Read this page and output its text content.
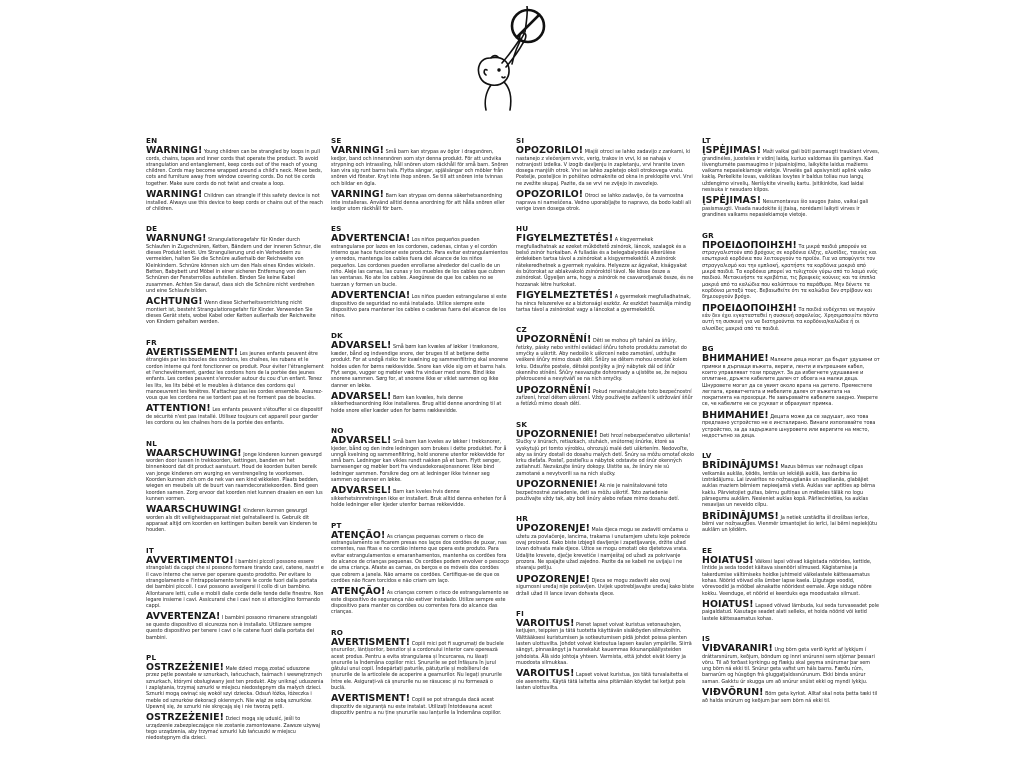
EN

WARNING! Young children can be strangled by loops in pull cords, chains, tapes and inner cords that operate the product. To avoid strangulation and entanglement, keep cords out of the reach of young children. Cords may become wrapped around a child's neck. Move beds, cots and furniture away from window covering cords. Do not tie cords together. Make sure cords do not twist and create a loop.

WARNING! Children can strangle if this safety device is not installed. Always use this device to keep cords or chains out of the reach of children.

DE

WARNUNG! Strangulationsgefahr für Kinder durch Schlaufen in Zugschnüren, Ketten, Bändern und der inneren Schnur, die dieses Produkt lenkt. Um Strangulierung und ein Verheddern zu vermeiden, halten Sie die Schnüre außerhalb der Reichweite von Kleinkindern. Schnüre können sich um den Hals eines Kindes wickeln. Betten, Babybett und Möbel in einer sicheren Entfernung von den Schnüren der Fensterrollos aufstellen. Binden Sie keine Kabel zusammen. Achten Sie darauf, dass sich die Schnüre nicht verdrehen und eine Schlaufe bilden.

ACHTUNG! Wenn diese Sicherheitsvorrichtung nicht montiert ist, besteht Strangulationsgefahr für Kinder. Verwenden Sie dieses Gerät stets, wobei Kabel oder Ketten außerhalb der Reichweite von Kindern gehalten werden.

FR

AVERTISSEMENT! Les jeunes enfants peuvent être étranglés par les boucles des cordons, les chaînes, les rubans et le cordon interne qui font fonctionner ce produit. Pour éviter l'étranglement et l'enchevêtrement, gardez les cordons hors de la portée des jeunes enfants. Les cordes peuvent s'enrouler autour du cou d'un enfant. Tenez les lits, les lits bébé et le meubles à distance des cordons qui manoeuvrent les fenêtres. N'attachez pas les cordes ensemble. Assurez-vous que les cordons ne se tordent pas et ne forment pas de boucles.

ATTENTION! Les enfants peuvent s'étouffer si ce dispositif de sécurité n'est pas installé. Utilisez toujours cet appareil pour garder les cordons ou les chaînes hors de la portée des enfants.

NL

WAARSCHUWING! Jonge kinderen kunnen gewurgd worden door lussen in trekkoorden, kettingen, banden en het binnenkoord dat dit product aanstuurt. Houd de koorden buiten bereik van jonge kinderen om wurging en verstrengeling te voorkomen. Koorden kunnen zich om de nek van een kind wikkelen. Plaats bedden, wiegen en meubels uit de buurt van raamdecoratiekoorden. Bind geen koorden samen. Zorg ervoor dat koorden niet kunnen draaien en een lus kunnen vormen.

WAARSCHUWING! Kinderen kunnen gewurgd worden als dit veiligheidsapparaat niet geïnstalleerd is. Gebruik dit apparaat altijd om koorden en kettingen buiten bereik van kinderen te houden.

IT

AVVERTIMENTO! I bambini piccoli possono essere strangolati da cappi che si possono formare tirando cavi, catene, nastri e il cavo interno che serve per operare questo prodotto. Per evitare lo strangolamento e l'intrappolamento tenere le corde fuori dalla portata dei bambini piccoli. I cavi possono avvolgersi il collo di un bambino. Allontanare letti, culle e mobili dalle corde delle tende delle finestre. Non legare insieme i cavi. Assicurarsi che i cavi non si attorciglino formando cappi.

AVVERTENZA! I bambini possono rimanere strangolati se questo dispositivo di sicurezza non è installato. Utilizzare sempre questo dispositivo per tenere i cavi o le catene fuori dalla portata dei bambini.

PL

OSTRZEŻENIE! Małe dzieci mogą zostać uduszone przez pętle powstałe w sznurkach, łańcuchach, taśmach i wewnętrznych sznurkach, którymi obsługiwany jest ten produkt. Aby uniknąć uduszenia i zaplątania, trzymaj sznurki w miejscu niedostępnym dla małych dzieci. Sznurki mogą owinąć się wokół szyi dziecka. Odsuń łóżka, łóżeczka i meble od sznurków dekoracji okiennych. Nie wiąż ze sobą sznurków. Upewnij się, że sznurki nie skręcają się i nie tworzą pętli.

OSTRZEŻENIE! Dzieci mogą się udusić, jeśli to urządzenie zabezpieczające nie zostanie zamontowane. Zawsze używaj tego urządzenia, aby trzymać sznurki lub łańcuszki w miejscu niedostępnym dla dzieci.

SE

VARNING! Små barn kan strypas av öglor i dragsnören, kedjor, band och innersnören som styr denna produkt. För att undvika strypning och intrassling, håll snören utom räckhåll för små barn. Snören kan vira sig runt barns hals. Flytta sängar, spjälsängar och möbler från snören vid fönster. Knyt inte ihop snören. Se till att snören inte tvinnas och bildar en ögla.

VARNING! Barn kan strypas om denna säkerhetsanordning inte installeras. Använd alltid denna anordning för att hålla snören eller kedjor utom räckhåll för barn.

ES

ADVERTENCIA! Los niños pequeños pueden estrangularse por lazos en los cordones, cadenas, cintas y el cordón interno que hace funcionar este producto. Para evitar estrangulamientos y enredos, mantenga los cables fuera del alcance de los niños pequeños. Los cordones pueden enrollarse alrededor del cuello de un niño. Aleje las camas, las cunas y los muebles de los cables que cubren las ventanas. No ate los cables. Asegúrese de que los cables no se tuerzan y formen un bucle.

ADVERTENCIA! Los niños pueden estrangularse si este dispositivo de seguridad no está instalado. Utilice siempre este dispositivo para mantener los cables o cadenas fuera del alcance de los niños.

DK

ADVARSEL! Små børn kan kvæles af løkker i træksnore, kæder, bånd og indvendige snore, der bruges til at betjene dette produkt. For at undgå risiko for kvælning og sammenfiltring skal snorene holdes uden for børns rækkevidde. Snore kan vikle sig om et barns hals. Flyt senge, vugger og møbler væk fra vinduer med snore. Bind ikke snorene sammen. Sørg for, at snorene ikke er viklet sammen og ikke danner en løkke.

ADVARSEL! Børn kan kvæles, hvis denne sikkerhedsanordning ikke installeres. Brug altid denne anordning til at holde snore eller kæder uden for børns rækkevidde.

NO

ADVARSEL! Små barn kan kveles av løkker i trekksnorer, kjeder, bånd og den indre ledningen som brukes i dette produktet. For å unngå kvelning og sammenfiltring, hold snorene utenfor rekkevidde for små barn. Ledninger kan vikles rundt nakken på et barn. Flytt senger, barnesenger og møbler bort fra vindusdekorasjonssnorer. Ikke bind ledninger sammen. Forsikre deg om at ledninger ikke tvinner seg sammen og danner en løkke.

ADVARSEL! Barn kan kveles hvis denne sikkerhetsinnretningen ikke er installert. Bruk alltid denna enheten for å holde ledninger eller kjeder utenfor barnas rekkevidde.

PT

ATENÇÃO! As crianças pequenas correm o risco de estrangulamento se ficarem presas nos laços dos cordões de puxar, nas correntes, nas fitas e no cordão interno que opera este produto. Para evitar estrangulamentos e emaranhamentos, mantenha os cordões fora do alcance de crianças pequenas. Os cordões podem envolver o pescoço de uma criança. Afaste as camas, os berços e os móveis dos cordões que cobrem a janela. Não amarre os cordões. Certifique-se de que os cordões não ficam torcidos e não criam um laço.

ATENÇÃO! As crianças correm o risco de estrangulamento se este dispositivo de segurança não estiver instalado. Utilize sempre este dispositivo para manter os cordões ou correntes fora do alcance das crianças.

RO

AVERTISMENT! Copiii mici pot fi sugrumați de buclele șnururilor, lănțișorilor, benzilor și a cordonului interior care operează acest produs. Pentru a evita strangularea și încurcarea, nu lăsați șnururile la îndemâna copiilor mici. Șnururile se pot înfășura în jurul gâtului unui copil. Îndepărtați paturile, pătuțurile și mobilierul de șnururile de la articolele de acoperire a geamurilor. Nu legați șnururile între ele. Asigurați-vă că șnururile nu se răsucesc și nu formează o buclă.

AVERTISMENT! Copiii se pot strangula dacă acest dispozitiv de siguranță nu este instalat. Utilizați întotdeauna acest dispozitiv pentru a nu ține șnururile sau lanțurile la îndemâna copiilor.

SI

OPOZORILO! Mlajši otroci se lahko zadavijo z zankami, ki nastanejo z vlečenjem vrvic, verig, trakov in vrvi, ki se nahaja v notranjosti izdelka. V izogib davljenju in zapletanju, vrvi hranite izven dosega manjših otrok. Vrvi se lahko zapletejo okoli otrokovega vratu. Postelje, posteljice in pohištvo odmaknite od okna in preklopite vrvi. Vrvi ne zvežite skupaj. Pazite, da se vrvi ne zvijejo in zavozlejo.

OPOZORILO! Otroci se lahko zadavijo, če ta varnostna naprava ni nameščena. Vedno uporabljajte to napravo, da bodo kabli ali verige izven dosega otrok.

HU

FIGYELMEZTETÉS! A kisgyermekek megfulladhatnak az ezeket működtető zsinórok, láncok, szalagok és a belső zsinór hurkaiban. A fulladás és a belegabalyodás elkerülése érdekében tartsa távol a zsinórokat a kisgyermekektől. A zsinórok rátekeredhetnek a gyermek nyakára. Helyezze az ágyakat, kiságyakat és bútorokat az ablakvakoló zsinóroktól távol. Ne kösse össze a zsinórokat. Ügyeljen arra, hogy a zsinórok ne csavarodjanak össze, és ne hozzanak létre hurkokat.

FIGYELMEZTETÉS! A gyermekek megfulladhatnak, ha nincs felszerelve ez a biztonsági eszköz. Az eszközt használja mindig tartsa távol a zsinórokat vagy a láncokat a gyermekektől.

CZ

UPOZORNĚNÍ! Děti se mohou při tahání za šňůry, řetízky, pásky nebo vnitřní ovládací šňůru tohoto produktu zamotat do smyčky a uškrtit. Aby nedošlo k uškrcení nebo zamotání, udržujte veškeré šňůry mimo dosah dětí. Šňůry se dětem mohou omotat kolem krku. Odsuňte postele, dětské postýlky a jiný nábytek dál od šňůr okenního stínění. Šňůry nesvazujte dohromady a ujistěte se, že nejsou překroucené a nevytváří se na nich smyčky.

UPOZORNĚNÍ! Pokud nenainstalujete toto bezpečnostní zařízení, hrozí dětem uškrcení. Vždy používejte zařízení k udržování šňůr a řetízků mimo dosah dětí.

SK

UPOZORNENIE! Deti hrozí nebezpečenstvo uškrtenia! Slučky v šnúrach, retiazkach, stuhách, vnútornej šnúrke, ktoré sa vyskytujú pri tomto výrobku, ohrozujú malé deti uškrtením. Nedovoľte, aby sa šnúry dostali do dosahu malých detí. Šnúry sa môžu omotať okolo krku dieťaťa. Posteľ, postieľku a nábytok odstavte od šnúr okenných zatiahnutí. Nezväzujte šnúry dokopy. Uistite sa, že šnúry nie sú zamotané a nevytvorili sa na nich slučky.

UPOZORNENIE! Ak nie je nainštalované toto bezpečnostné zariadenie, deti sa môžu uškrtiť. Toto zariadenie používajte vždy tak, aby boli šnúry alebo reťaze mimo dosahu detí.

HR

UPOZORENJE! Mala djeca mogu se zadaviti omčama u užetu za povlačenje, lancima, trakama i unutarnjem užetu koje pokreće ovaj proizvod. Kako biste izbjegli davljenje i zapetljavanje, držite užad izvan dohvata male djece. Užice se mogu omotati oko djetetova vrata. Udaljite krevete, dječje krevetiće i namještaj od užadi za pokrivanje prozora. Ne spajajte užad zajedno. Pazite da se kabeli ne uvijaju i ne stvaraju petlju.

UPOZORENJE! Djeca se mogu zadaviti ako ovaj sigurnosni uređaj nije postavljen. Uvijek upotrebljavajte uređaj kako biste držali užad ili lance izvan dohvata djece.

FI

VAROITUS! Pienet lapset voivat kuristua vetonauhojen, ketjujen, teippien ja tätä tuotetta käyttävän sisäköyden silmukoihin. Välttääksesi kuristumisen ja sotkeutumisen pidä johdot poissa pienten lasten ulottuvilta. Johdot voivat kietoutua lapsen kaulan ympärille. Siirrä sängyt, pinnasängyt ja huonekalut kauemmas ikkunanpäällysteiden johdoista. Älä sido johtoja yhteen. Varmista, että johdot eivät kierry ja muodosta silmukkaa.

VAROITUS! Lapset voivat kuristua, jos tätä turvalaitetta ei ole asennettu. Käytä tätä laitetta aina pitämään köydet tai ketjut pois lasten ulottuvilta.

LT

ĮSPĖJIMAS! Maži vaikai gali būti pasmaugti traukiant virves, grandinėles, juosteles ir vidinį laidą, kuriuo valdomas šis gaminys. Kad išvengtumėte pasmaugimo ir įsipainiojimo, laikykite laidus mažiems vaikams nepasiekiamoje vietoje. Virvelės gali apsivynioti aplink vaiko kaklą. Perkelkite lovas, vaikiškas lovytes ir baldus toliau nuo langų uždengimo virvelių. Nerišykite virvelių kartu. Įsitikinkite, kad laidai nesisuka ir nesudaro kilpos.

ĮSPĖJIMAS! Nesumontavus šio saugos įtaiso, vaikai gali pasismaugti. Visada naudokite šį įtaisą, norėdami laikyti virves ir grandines vaikams nepasiekiamoje vietoje.

GR

ΠΡΟΕΙΔΟΠΟΙΗΣΗ! Τα μικρά παιδιά μπορούν να στραγγαλιστούν από βρόχους σε κορδόνια έλξης, αλυσίδες, ταινίες και εσωτερικά κορδόνια που λειτουργούν το προϊόν. Για να αποφύγετε τον στραγγαλισμό και την εμπλοκή, κρατήστε τα κορδόνια μακριά από μικρά παιδιά. Τα κορδόνια μπορεί να τυλιχτούν γύρω από το λαιμό ενός παιδιού. Μετακινήστε τα κρεβάτια, τις βρεφικές κούνιες και τα έπιπλα μακριά από τα καλώδια που καλύπτουν τα παράθυρα. Μην δένετε τα κορδόνια μεταξύ τους. Βεβαιωθείτε ότι τα καλώδια δεν στρίβουν και δημιουργούν βρόχο.

ΠΡΟΕΙΔΟΠΟΙΗΣΗ! Τα παιδιά ενδέχεται να πνιγούν εάν δεν έχει εγκατασταθεί η συσκευή ασφαλείας. Χρησιμοποιείτε πάντα αυτή τη συσκευή για να διατηρούνται τα κορδόνια/καλώδια ή οι αλυσίδες μακριά από τα παιδιά.

BG

ВНИМАНИЕ! Малките деца могат да бъдат удушени от примки в дърпащи въжета, вериги, ленти и вътрешния кабел, които управляват този продукт. За да избегнете удушаване и оплитане, дръжте кабелите далеч от обсега на малки деца. Шнуровете могат да се увият около врата на детето. Преместете леглата, креватчетата и мебелите далеч от въжетата на покритията на прозорци. Не завързвайте кабелите заедно. Уверете се, че кабелите не се усукват и образуват примка.

ВНИМАНИЕ! Децата може да се задушат, ако това предпазно устройство не е инсталирано. Винаги използвайте това устройство, за да задържате шнуровете или веригите на място, недостъпно за деца.

LV

BRĪDINĀJUMS! Mazus bērnus var nožnaugt cilpas velkamās auklās, ķēdēs, lentās un iekšējā auklā, kas darbina šo izstrādājumu. Lai izvairītos no nožņaugšanās un sapīšanās, glabājiet auklas maziem bērniem nepieejamā vietā. Auklas var aptīties ap bērna kaklu. Pārvietojiet gultas, bērnu gultiņas un mēbeles tālāk no logu pārsegumu auklām. Nesieniet auklas kopā. Pārliecinieties, ka auklas nesavijas un neveido cilpu.

BRĪDINĀJUMS! Ja netiek uzstādīta šī drošības ierīce, bērni var nožņaugties. Vienmēr izmantojiet šo ierīci, lai bērni nepiekļūtu auklām un ķēdēm.

EE

HOIATUS! Väikesi lapsi võivad kägistada nöörides, kettide, lintide ja seda toodet käitava sisenööri silmused. Kägistamise ja takerdumise vältimiseks hoidke juhtmeid väikelastele kättesaamatus kohas. Nöörid võivad olla ümber lapse kaela. Liigutage voodid, võrevoodid ja mööbel aknakatte nööridest eemale. Ärge siduge nööre kokku. Veenduge, et nöörid ei keerduks ega moodustaks silmust.

HOIATUS! Lapsed võivad lämbuda, kui seda turvaseadet pole paigaldatud. Kasutage seadet alati selleks, et hoida nöörid või ketid lastele kättesaamatus kohas.

IS

VIÐVARANIR! Ung börn geta verið kyrkt af lykkjum í dráttarsnúrum, keðjum, böndum og innri snúrunni sem stjórnar þessari vöru. Til að forðast kyrkingu og flækju skal geyma snúrurnar þar sem ung börn ná ekki til. Snúrur geta vafist um háls barns. Færðu rúm, barnarúm og húsgögn frá gluggatjaldssnúrunum. Ekki binda snúrur saman. Gakktu úr skugga um að snúrur snúist ekki og myndi lykkju.

VIÐVÖRUN! Börn geta kyrkst. Alltaf skal nota þetta tæki til að halda snúrum og keðjum þar sem börn ná ekki til.
